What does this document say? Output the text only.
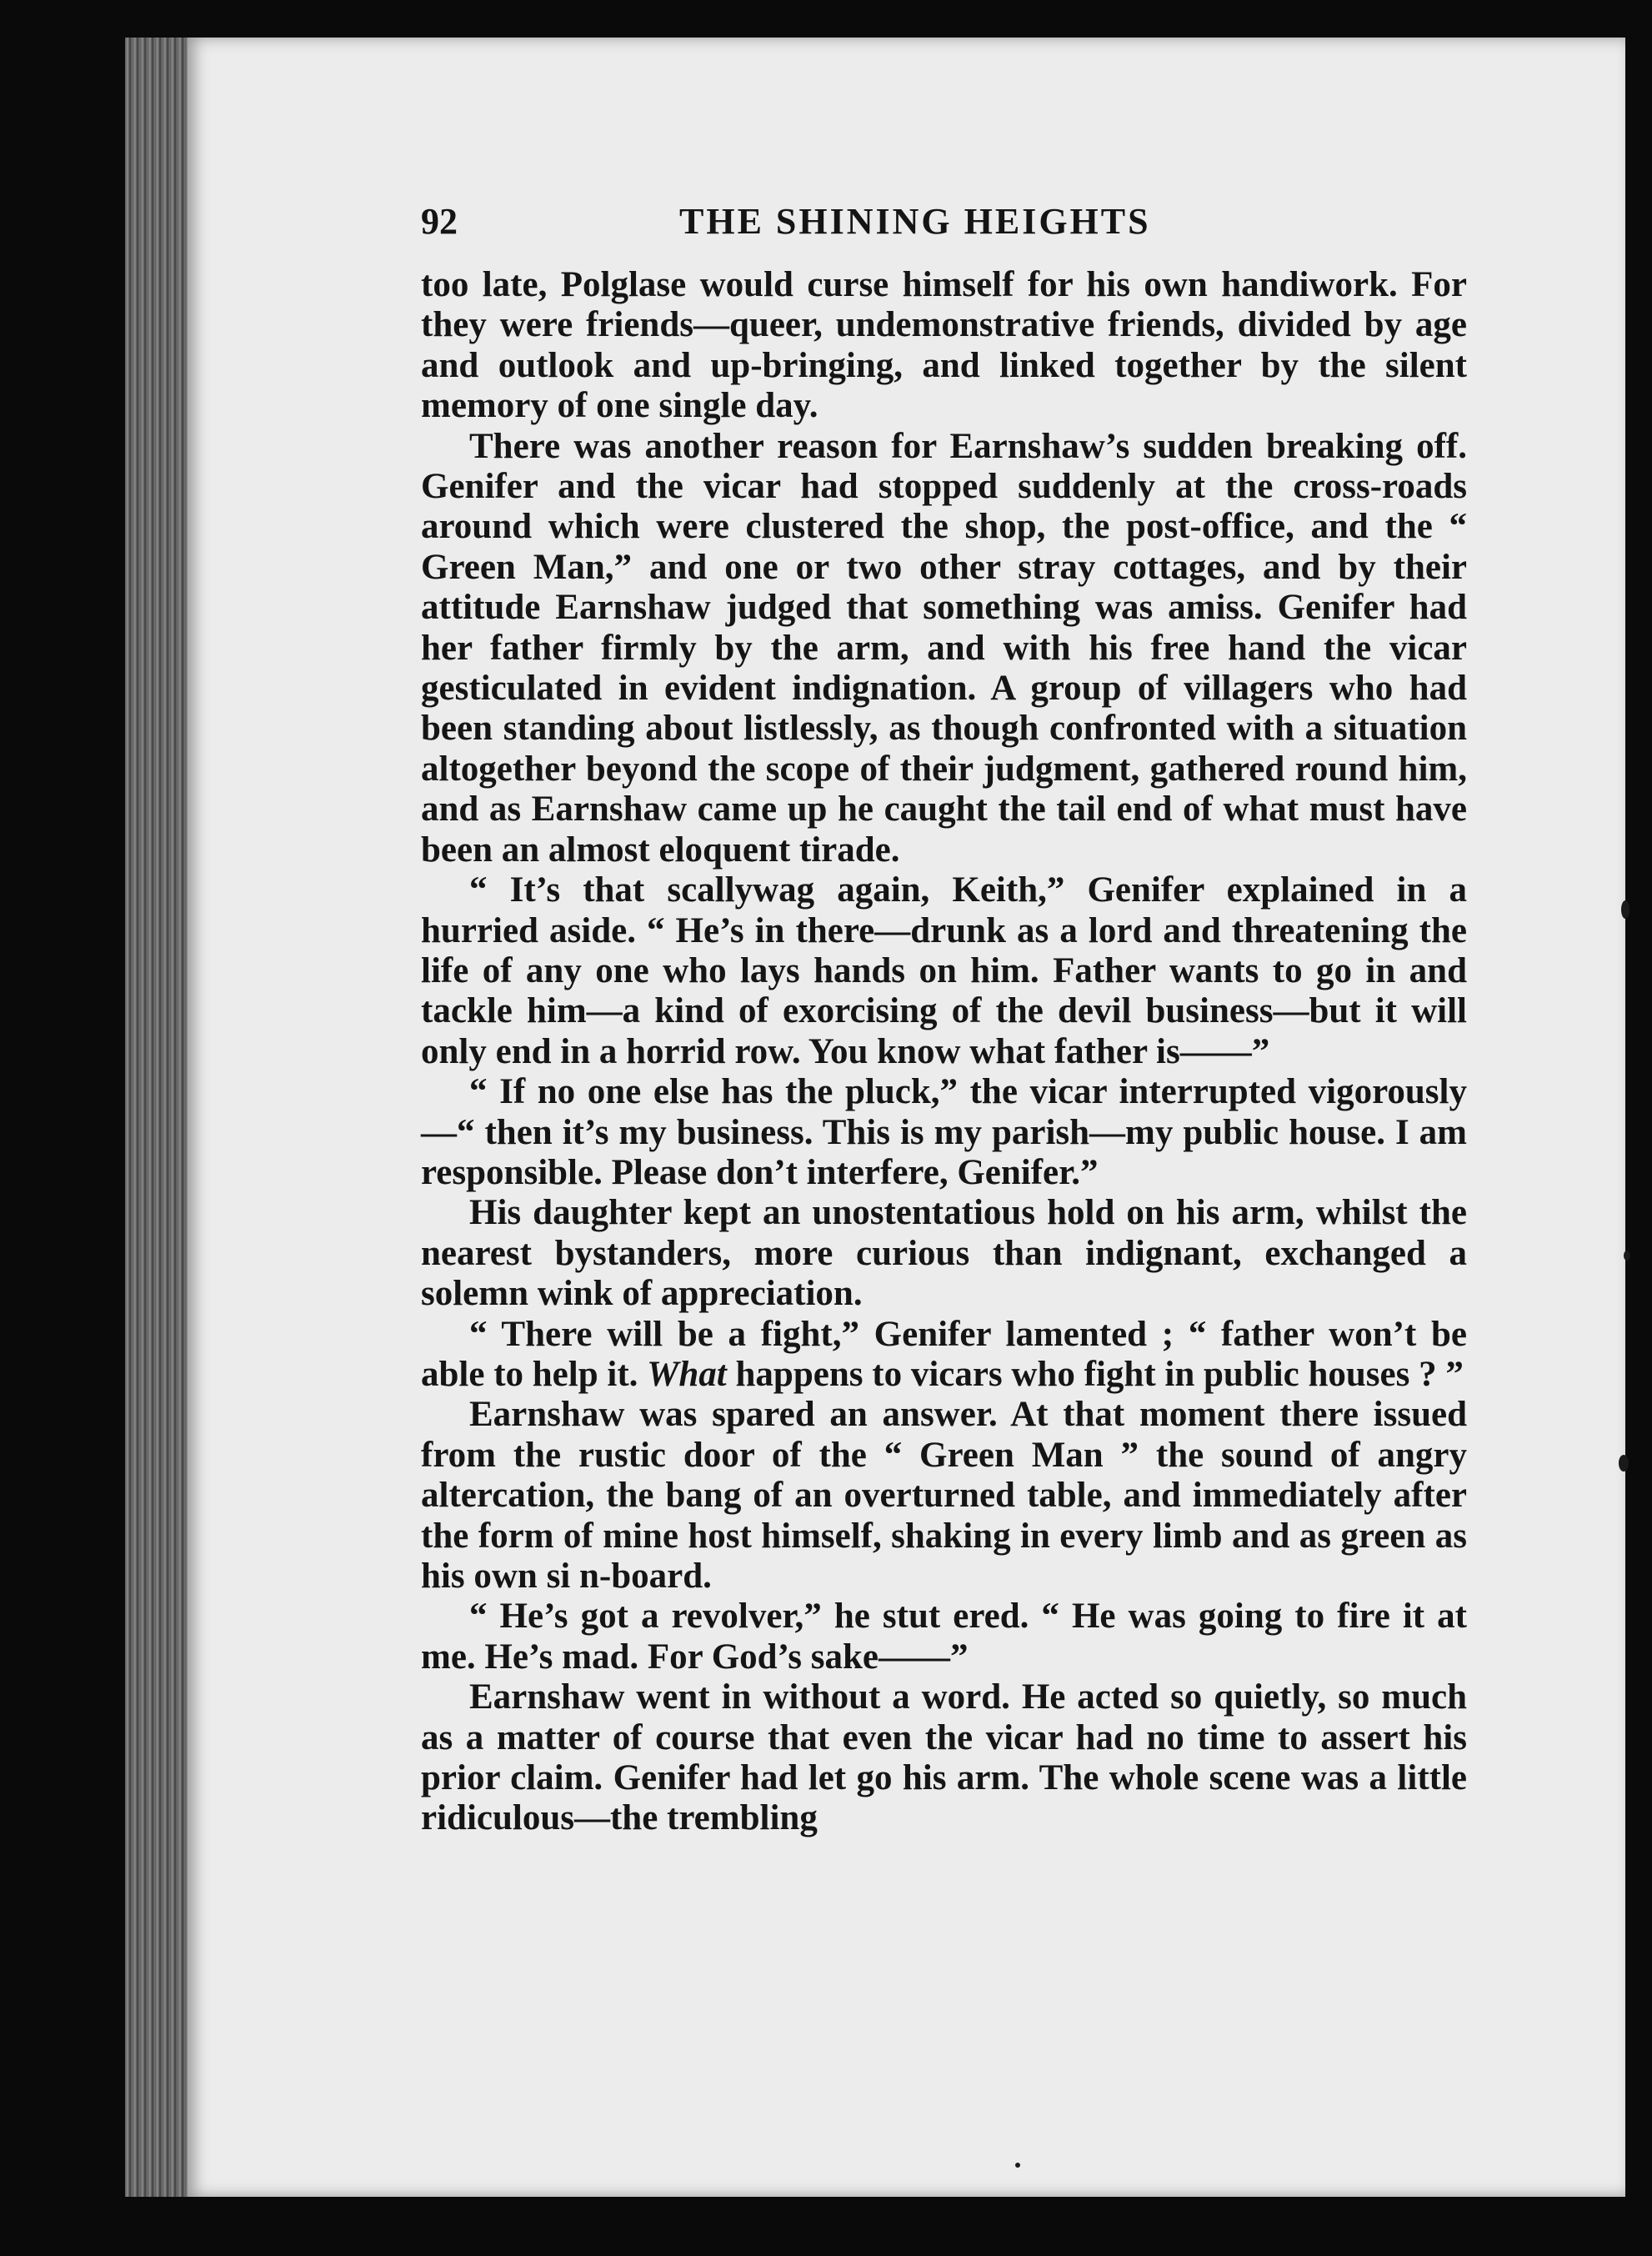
92	THE SHINING HEIGHTS

too late, Polglase would curse himself for his own handiwork. For they were friends—queer, undemonstrative friends, divided by age and outlook and up-bringing, and linked together by the silent memory of one single day.

There was another reason for Earnshaw’s sudden breaking off. Genifer and the vicar had stopped suddenly at the cross-roads around which were clustered the shop, the post-office, and the “ Green Man,” and one or two other stray cottages, and by their attitude Earnshaw judged that something was amiss. Genifer had her father firmly by the arm, and with his free hand the vicar gesticulated in evident indignation. A group of villagers who had been standing about listlessly, as though confronted with a situation altogether beyond the scope of their judgment, gathered round him, and as Earnshaw came up he caught the tail end of what must have been an almost eloquent tirade.

“ It’s that scallywag again, Keith,” Genifer explained in a hurried aside. “ He’s in there—drunk as a lord and threatening the life of any one who lays hands on him. Father wants to go in and tackle him—a kind of exorcising of the devil business—but it will only end in a horrid row. You know what father is——”

“ If no one else has the pluck,” the vicar interrupted vigorously—“ then it’s my business. This is my parish—my public house. I am responsible. Please don’t interfere, Genifer.”

His daughter kept an unostentatious hold on his arm, whilst the nearest bystanders, more curious than indignant, exchanged a solemn wink of appreciation.

“ There will be a fight,” Genifer lamented ; “ father won’t be able to help it. What happens to vicars who fight in public houses ? ”

Earnshaw was spared an answer. At that moment there issued from the rustic door of the “ Green Man ” the sound of angry altercation, the bang of an overturned table, and immediately after the form of mine host himself, shaking in every limb and as green as his own si n-board.

“ He’s got a revolver,” he stut ered. “ He was going to fire it at me. He’s mad. For God’s sake——”

Earnshaw went in without a word. He acted so quietly, so much as a matter of course that even the vicar had no time to assert his prior claim. Genifer had let go his arm. The whole scene was a little ridiculous—the trembling
